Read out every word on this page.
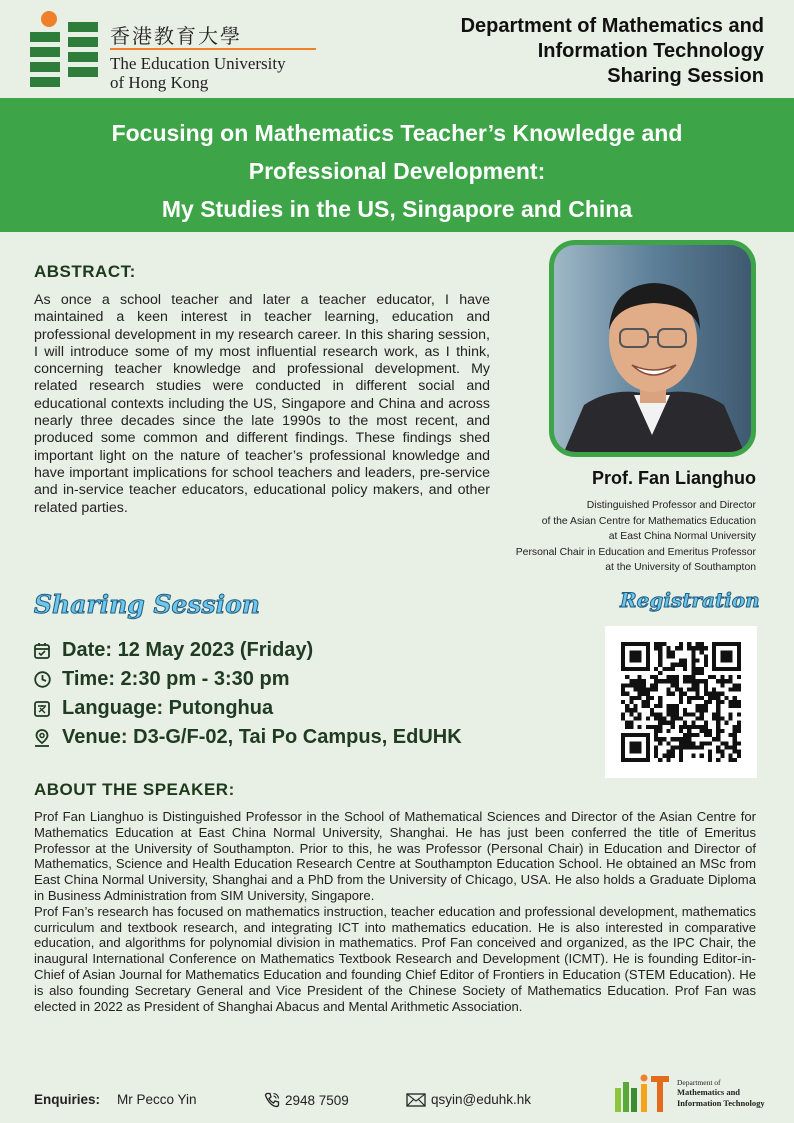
香港教育大學
The Education University
of Hong Kong
Department of Mathematics and
Information Technology
Sharing Session
Focusing on Mathematics Teacher’s Knowledge and
Professional Development:
My Studies in the US, Singapore and China
ABSTRACT:
As once a school teacher and later a teacher educator, I have maintained a keen interest in teacher learning, education and professional development in my research career. In this sharing session, I will introduce some of my most influential research work, as I think, concerning teacher knowledge and professional development. My related research studies were conducted in different social and educational contexts including the US, Singapore and China and across nearly three decades since the late 1990s to the most recent, and produced some common and different findings. These findings shed important light on the nature of teacher’s professional knowledge and have important implications for school teachers and leaders, pre-service and in-service teacher educators, educational policy makers, and other related parties.
Prof. Fan Lianghuo
Distinguished Professor and Director
of the Asian Centre for Mathematics Education
at East China Normal University
Personal Chair in Education and Emeritus Professor
at the University of Southampton
Sharing Session	Registration
Date: 12 May 2023 (Friday)
Time: 2:30 pm - 3:30 pm
Language: Putonghua
Venue: D3-G/F-02, Tai Po Campus, EdUHK
ABOUT THE SPEAKER:
Prof Fan Lianghuo is Distinguished Professor in the School of Mathematical Sciences and Director of the Asian Centre for Mathematics Education at East China Normal University, Shanghai. He has just been conferred the title of Emeritus Professor at the University of Southampton. Prior to this, he was Professor (Personal Chair) in Education and Director of Mathematics, Science and Health Education Research Centre at Southampton Education School. He obtained an MSc from East China Normal University, Shanghai and a PhD from the University of Chicago, USA. He also holds a Graduate Diploma in Business Administration from SIM University, Singapore.
Prof Fan’s research has focused on mathematics instruction, teacher education and professional development, mathematics curriculum and textbook research, and integrating ICT into mathematics education. He is also interested in comparative education, and algorithms for polynomial division in mathematics. Prof Fan conceived and organized, as the IPC Chair, the inaugural International Conference on Mathematics Textbook Research and Development (ICMT). He is founding Editor-in-Chief of Asian Journal for Mathematics Education and founding Chief Editor of Frontiers in Education (STEM Education). He is also founding Secretary General and Vice President of the Chinese Society of Mathematics Education. Prof Fan was elected in 2022 as President of Shanghai Abacus and Mental Arithmetic Association.
Enquiries: Mr Pecco Yin	2948 7509	qsyin@eduhk.hk
Department of
Mathematics and
Information Technology
